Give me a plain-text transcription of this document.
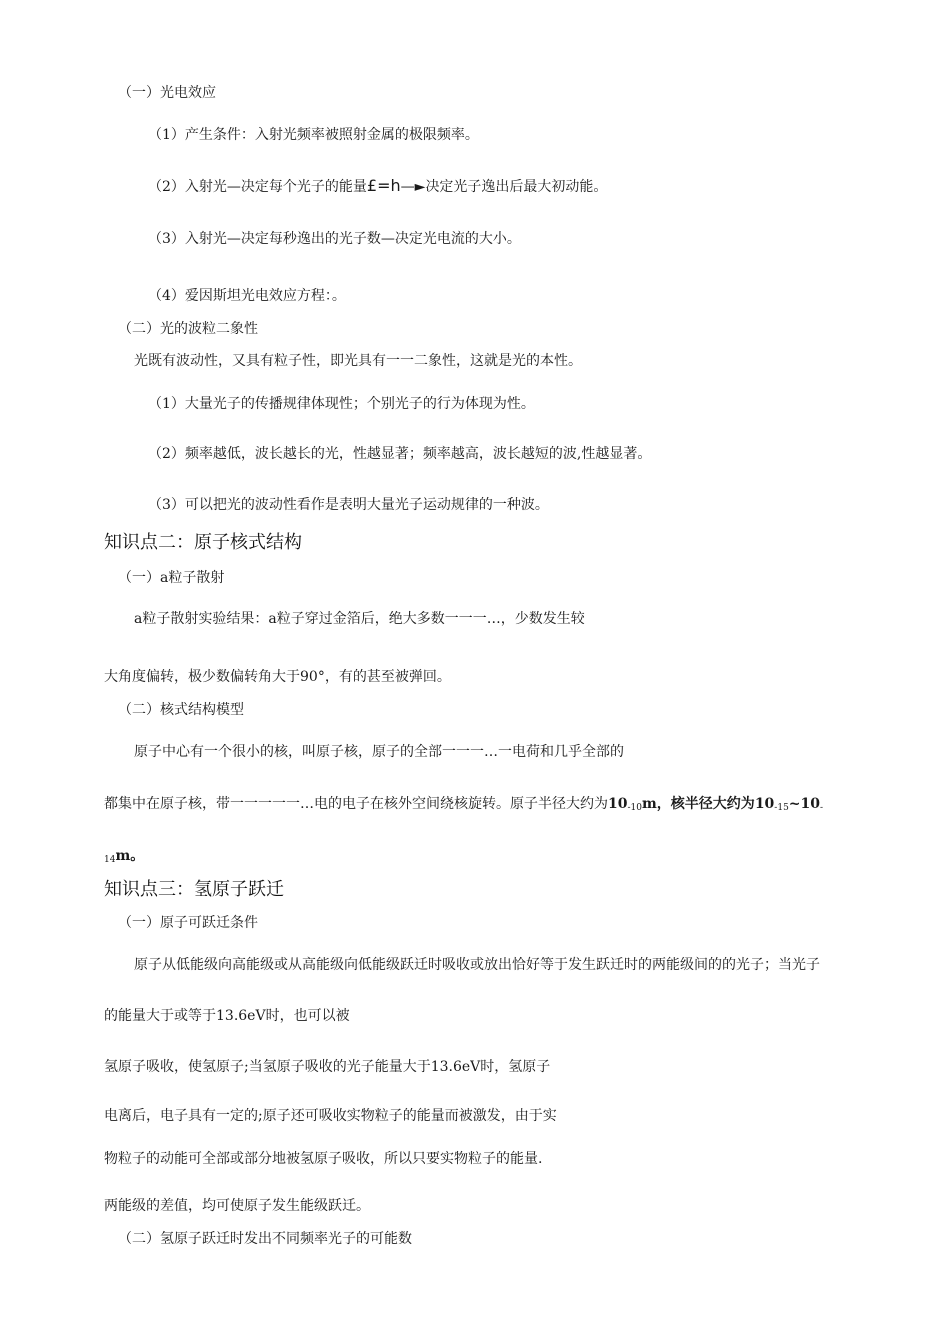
（一）光电效应
（1）产生条件：入射光频率被照射金属的极限频率。
（2）入射光—决定每个光子的能量£=h—►决定光子逸出后最大初动能。
（3）入射光—决定每秒逸出的光子数—决定光电流的大小。
（4）爱因斯坦光电效应方程：。
（二）光的波粒二象性
光既有波动性，又具有粒子性，即光具有一一二象性，这就是光的本性。
（1）大量光子的传播规律体现性；个别光子的行为体现为性。
（2）频率越低，波长越长的光，性越显著；频率越高，波长越短的波,性越显著。
（3）可以把光的波动性看作是表明大量光子运动规律的一种波。
知识点二：原子核式结构
（一）a粒子散射
a粒子散射实验结果：a粒子穿过金箔后，绝大多数一一一…，少数发生较
大角度偏转，极少数偏转角大于90°，有的甚至被弹回。
（二）核式结构模型
原子中心有一个很小的核，叫原子核，原子的全部一一一…一电荷和几乎全部的
都集中在原子核，带一一一一一…电的电子在核外空间绕核旋转。原子半径大约为$10_{-10}m$，核半径大约为$10_{-15}\sim 10_-$
$_{14}$m。
知识点三：氢原子跃迁
（一）原子可跃迁条件
原子从低能级向高能级或从高能级向低能级跃迁时吸收或放出恰好等于发生跃迁时的两能级间的的光子；当光子
的能量大于或等于13.6eV时，也可以被
氢原子吸收，使氢原子;当氢原子吸收的光子能量大于13.6eV时，氢原子
电离后，电子具有一定的;原子还可吸收实物粒子的能量而被激发，由于实
物粒子的动能可全部或部分地被氢原子吸收，所以只要实物粒子的能量.
两能级的差值，均可使原子发生能级跃迁。
（二）氢原子跃迁时发出不同频率光子的可能数
